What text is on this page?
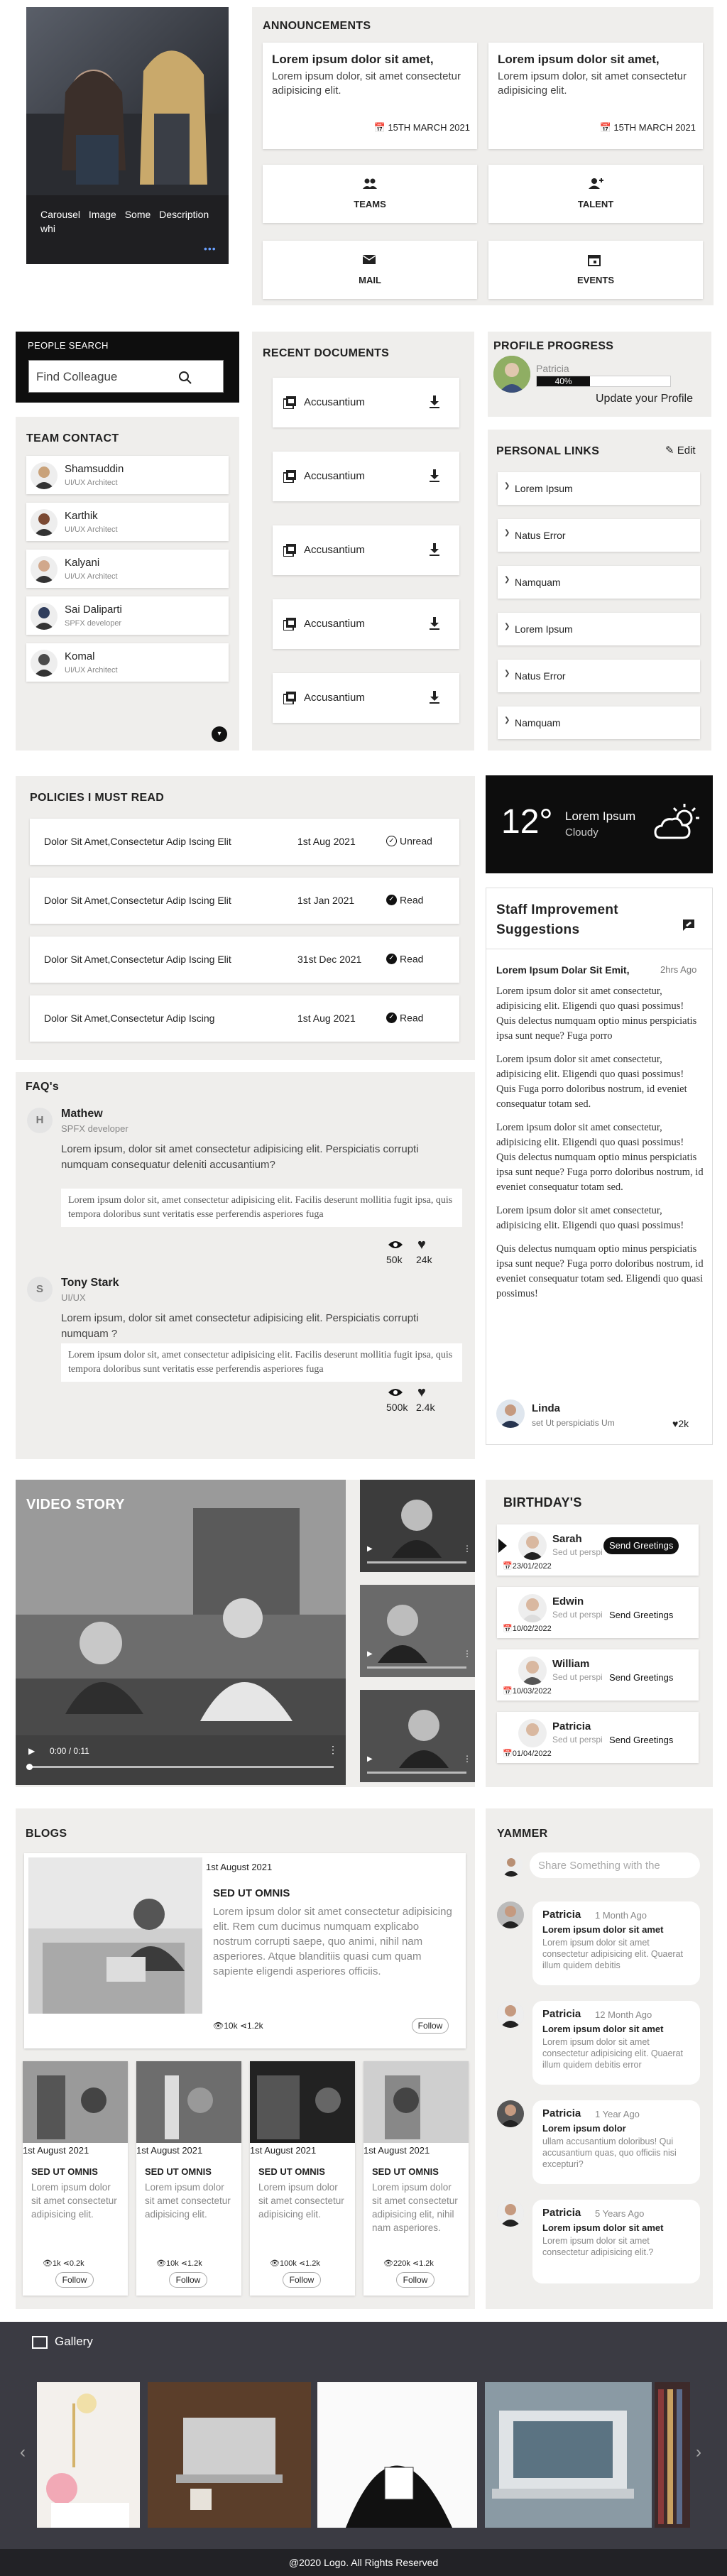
Carousel Image Some Description whi
•••
ANNOUNCEMENTS
PEOPLE SEARCH
Find Colleague
TEAM CONTACT
▾
RECENT DOCUMENTS
PROFILE PROGRESS
Patricia
40%
Update your Profile
PERSONAL LINKS	✎ Edit
POLICIES I MUST READ
12° Lorem Ipsum
Cloudy
Staff Improvement
Suggestions
Lorem Ipsum Dolar Sit Emit,	2hrs Ago

Lorem ipsum dolor sit amet consectetur, adipisicing elit. Eligendi quo quasi possimus! Quis delectus numquam optio minus perspiciatis ipsa sunt neque? Fuga porro

Lorem ipsum dolor sit amet consectetur, adipisicing elit. Eligendi quo quasi possimus! Quis Fuga porro doloribus nostrum, id eveniet consequatur totam sed.

Lorem ipsum dolor sit amet consectetur, adipisicing elit. Eligendi quo quasi possimus! Quis delectus numquam optio minus perspiciatis ipsa sunt neque? Fuga porro doloribus nostrum, id eveniet consequatur totam sed.

Lorem ipsum dolor sit amet consectetur, adipisicing elit. Eligendi quo quasi possimus!

Quis delectus numquam optio minus perspiciatis ipsa sunt neque? Fuga porro doloribus nostrum, id eveniet consequatur totam sed. Eligendi quo quasi possimus!

Linda
set Ut perspiciatis Um	♥2k
FAQ's
VIDEO STORY
▶ 0:00 / 0:11	⋮
BIRTHDAY'S
BLOGS
1st August 2021
SED UT OMNIS
Lorem ipsum dolor sit amet consectetur adipisicing elit. Rem cum ducimus numquam explicabo nostrum corrupti saepe, quo animi, nihil nam asperiores. Atque blanditiis quasi cum quam sapiente eligendi asperiores officiis.
👁10k ⋖1.2k	Follow
YAMMER
Share Something with the
Gallery
‹	›
@2020 Logo. All Rights Reserved
Lorem ipsum dolor sit amet,
Lorem ipsum dolor, sit amet consectetur adipisicing elit.
📅 15TH MARCH 2021
Lorem ipsum dolor sit amet,
Lorem ipsum dolor, sit amet consectetur adipisicing elit.
📅 15TH MARCH 2021
TEAMS	TALENT
MAIL	EVENTS
Shamsuddin
UI/UX Architect
Karthik
UI/UX Architect
Kalyani
UI/UX Architect
Sai Daliparti
SPFX developer
Komal
UI/UX Architect
Accusantium
Accusantium
Accusantium
Accusantium
Accusantium
❯ Lorem Ipsum
❯ Natus Error
❯ Namquam
❯ Lorem Ipsum
❯ Natus Error
❯ Namquam
Dolor Sit Amet,Consectetur Adip Iscing Elit	1st Aug 2021	✓ Unread
Dolor Sit Amet,Consectetur Adip Iscing Elit	1st Jan 2021	✓ Read
Dolor Sit Amet,Consectetur Adip Iscing Elit	31st Dec 2021	✓ Read
Dolor Sit Amet,Consectetur Adip Iscing	1st Aug 2021	✓ Read
H
Mathew
SPFX developer
Lorem ipsum, dolor sit amet consectetur adipisicing elit. Perspiciatis corrupti numquam consequatur deleniti accusantium?
Lorem ipsum dolor sit, amet consectetur adipisicing elit. Facilis deserunt mollitia fugit ipsa, quis tempora doloribus sunt veritatis esse perferendis asperiores fuga
50k
♥
24k
S
Tony Stark
UI/UX
Lorem ipsum, dolor sit amet consectetur adipisicing elit. Perspiciatis corrupti numquam ?
Lorem ipsum dolor sit, amet consectetur adipisicing elit. Facilis deserunt mollitia fugit ipsa, quis tempora doloribus sunt veritatis esse perferendis asperiores fuga
500k
♥
2.4k
▶	⋮
▶	⋮
▶	⋮
Sarah
Sed ut perspi
📅23/01/2022
Send Greetings
Edwin
Sed ut perspi
📅10/02/2022
Send Greetings
William
Sed ut perspi
📅10/03/2022
Send Greetings
Patricia
Sed ut perspi
📅01/04/2022
Send Greetings
1st August 2021
SED UT OMNIS
Lorem ipsum dolor sit amet consectetur adipisicing elit.
👁1k ⋖0.2k
Follow
1st August 2021
SED UT OMNIS
Lorem ipsum dolor sit amet consectetur adipisicing elit.
👁10k ⋖1.2k
Follow
1st August 2021
SED UT OMNIS
Lorem ipsum dolor sit amet consectetur adipisicing elit.
👁100k ⋖1.2k
Follow
1st August 2021
SED UT OMNIS
Lorem ipsum dolor sit amet consectetur adipisicing elit, nihil nam asperiores.
👁220k ⋖1.2k
Follow
Patricia 1 Month Ago
Lorem ipsum dolor sit amet
Lorem ipsum dolor sit amet consectetur adipisicing elit. Quaerat illum quidem debitis
Patricia 12 Month Ago
Lorem ipsum dolor sit amet
Lorem ipsum dolor sit amet consectetur adipisicing elit. Quaerat illum quidem debitis error
Patricia 1 Year Ago
Lorem ipsum dolor
ullam accusantium doloribus! Qui accusantium quas, quo officiis nisi excepturi?
Patricia 5 Years Ago
Lorem ipsum dolor sit amet
Lorem ipsum dolor sit amet consectetur adipisicing elit.?
